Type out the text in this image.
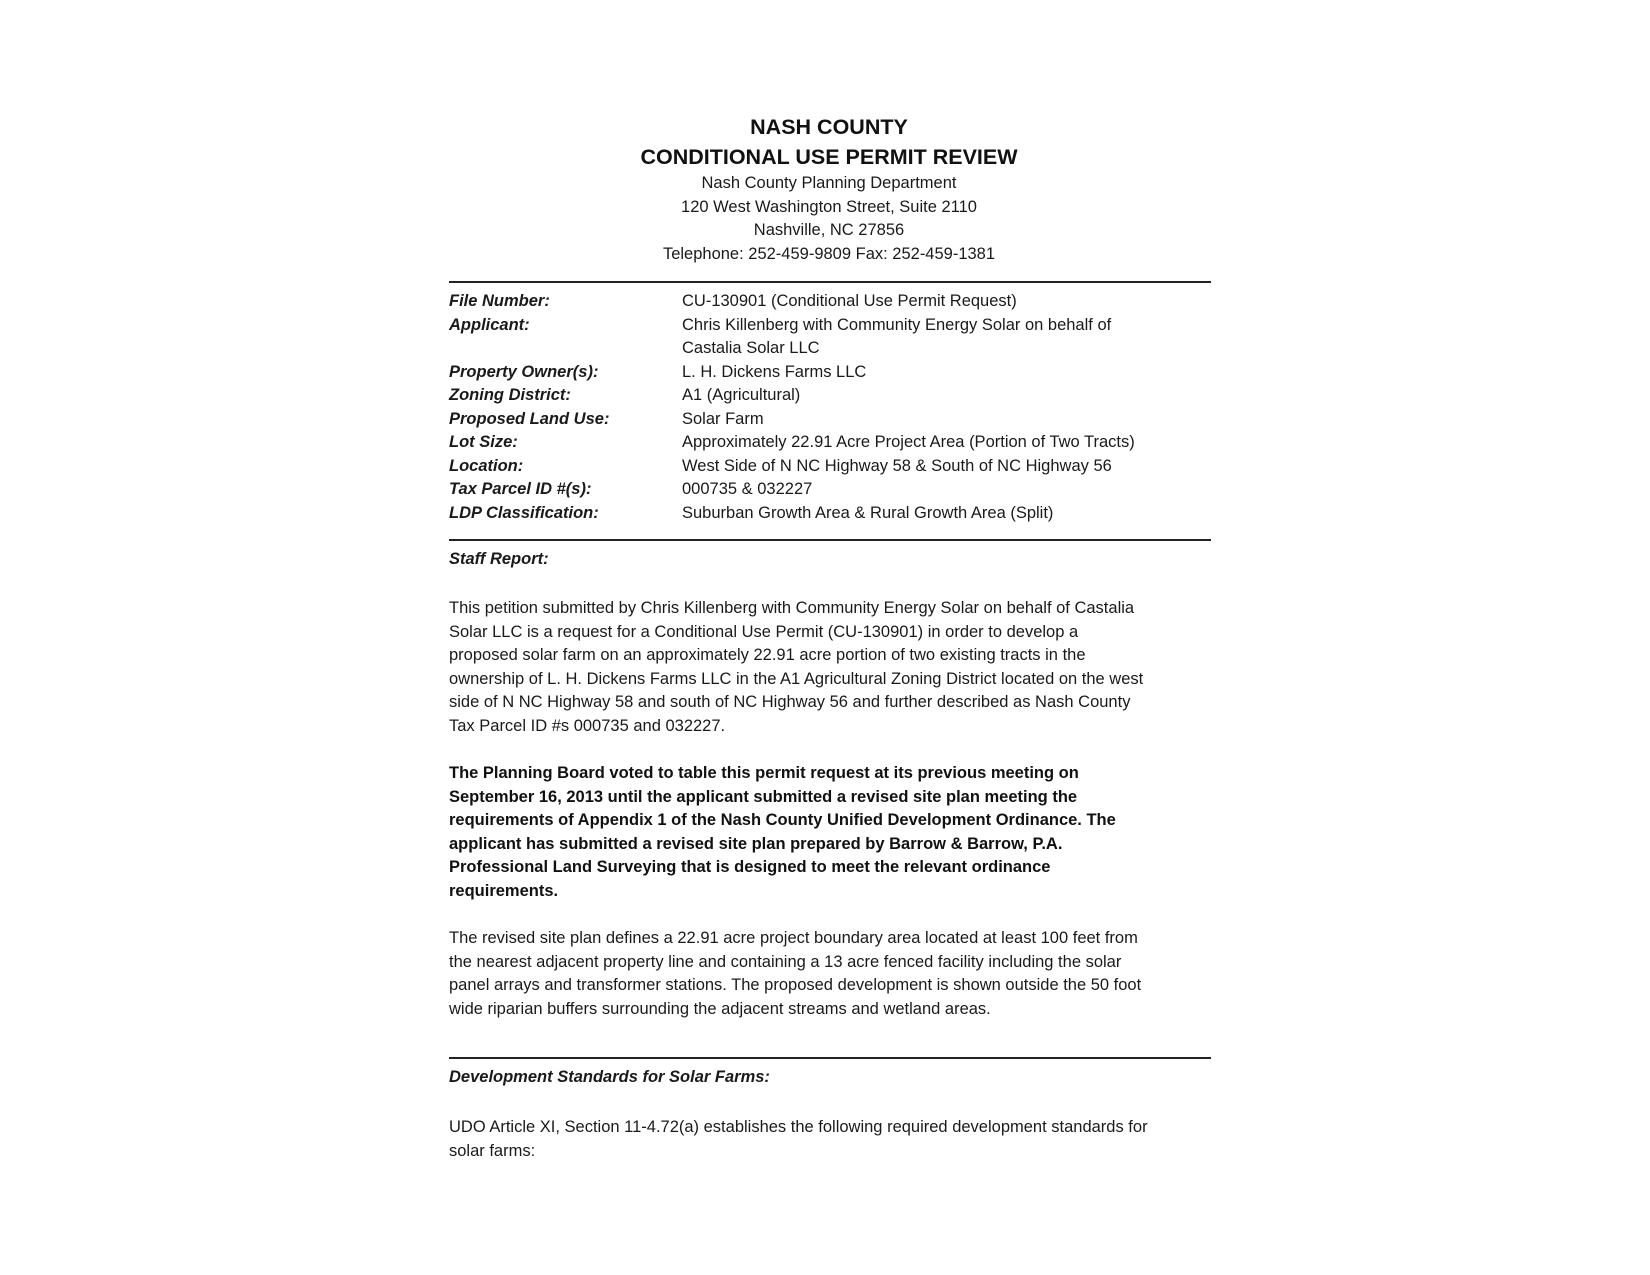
NASH COUNTY
CONDITIONAL USE PERMIT REVIEW
Nash County Planning Department
120 West Washington Street, Suite 2110
Nashville, NC 27856
Telephone: 252-459-9809 Fax: 252-459-1381
File Number:	CU-130901 (Conditional Use Permit Request)
Applicant:	Chris Killenberg with Community Energy Solar on behalf of
Castalia Solar LLC
Property Owner(s):	L. H. Dickens Farms LLC
Zoning District:	A1 (Agricultural)
Proposed Land Use:	Solar Farm
Lot Size:	Approximately 22.91 Acre Project Area (Portion of Two Tracts)
Location:	West Side of N NC Highway 58 & South of NC Highway 56
Tax Parcel ID #(s):	000735 & 032227
LDP Classification:	Suburban Growth Area & Rural Growth Area (Split)
Staff Report:
This petition submitted by Chris Killenberg with Community Energy Solar on behalf of Castalia
Solar LLC is a request for a Conditional Use Permit (CU-130901) in order to develop a
proposed solar farm on an approximately 22.91 acre portion of two existing tracts in the
ownership of L. H. Dickens Farms LLC in the A1 Agricultural Zoning District located on the west
side of N NC Highway 58 and south of NC Highway 56 and further described as Nash County
Tax Parcel ID #s 000735 and 032227.
The Planning Board voted to table this permit request at its previous meeting on
September 16, 2013 until the applicant submitted a revised site plan meeting the
requirements of Appendix 1 of the Nash County Unified Development Ordinance. The
applicant has submitted a revised site plan prepared by Barrow & Barrow, P.A.
Professional Land Surveying that is designed to meet the relevant ordinance
requirements.
The revised site plan defines a 22.91 acre project boundary area located at least 100 feet from
the nearest adjacent property line and containing a 13 acre fenced facility including the solar
panel arrays and transformer stations. The proposed development is shown outside the 50 foot
wide riparian buffers surrounding the adjacent streams and wetland areas.
Development Standards for Solar Farms:
UDO Article XI, Section 11-4.72(a) establishes the following required development standards for
solar farms:
